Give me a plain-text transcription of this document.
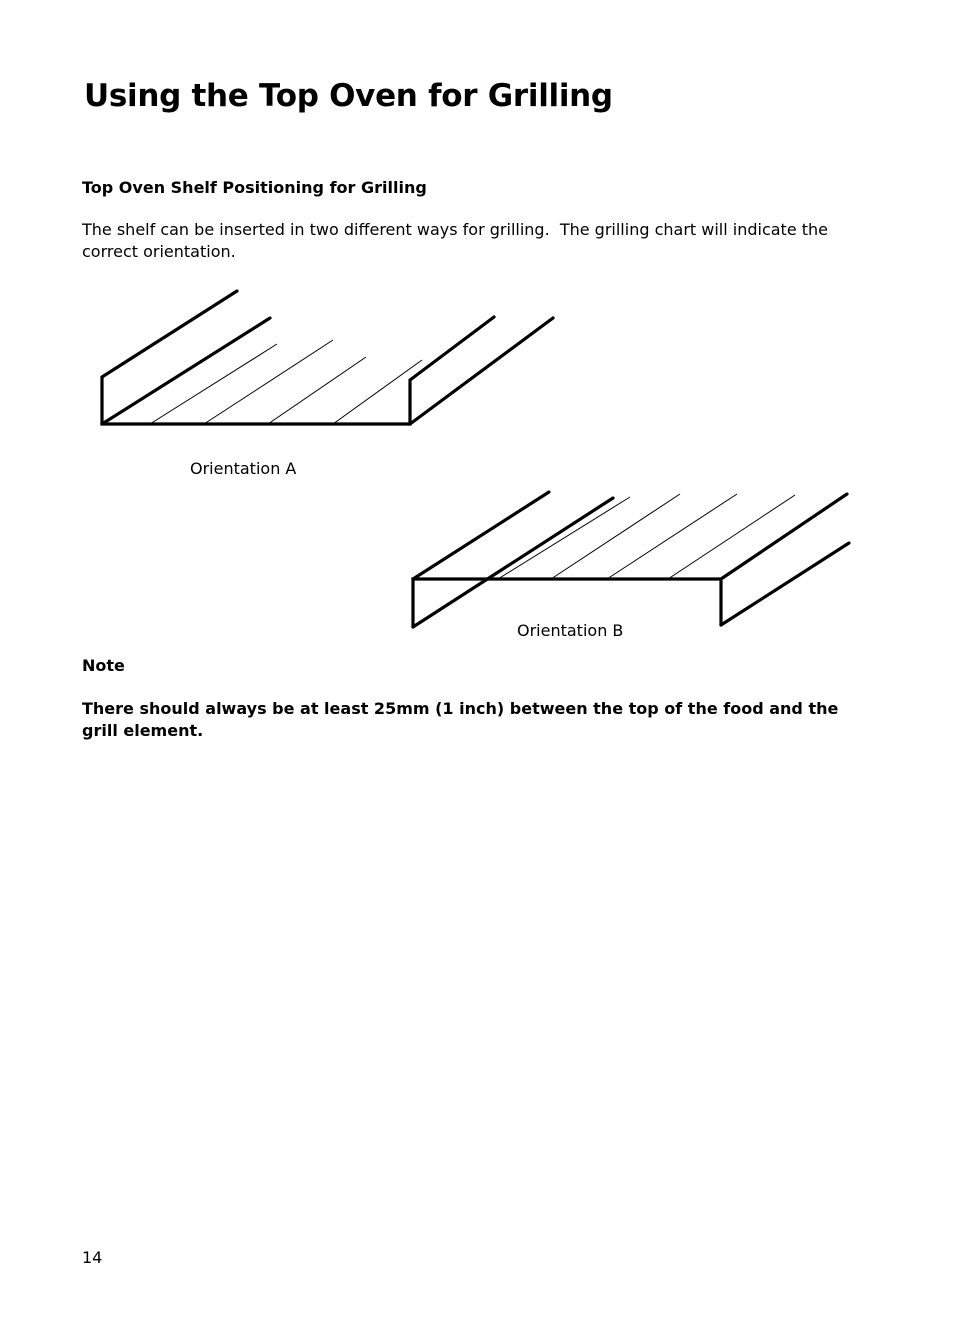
Using the Top Oven for Grilling
Top Oven Shelf Positioning for Grilling

The shelf can be inserted in two different ways for grilling.  The grilling chart will indicate the correct orientation.

Orientation A

Orientation B

Note

There should always be at least 25mm (1 inch) between the top of the food and the grill element.

14
